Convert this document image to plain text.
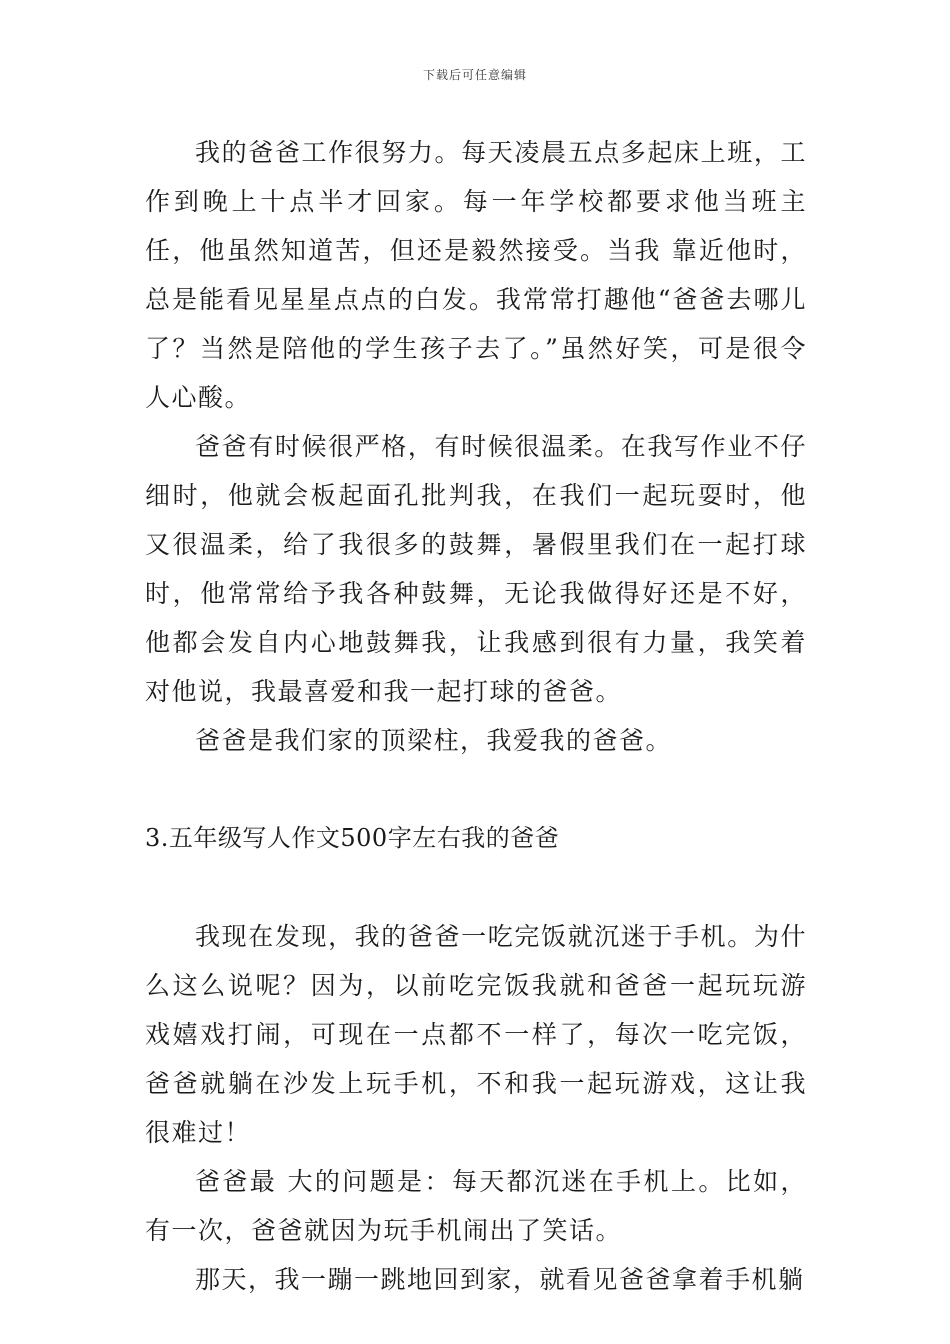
下载后可任意编辑

我的爸爸工作很努力。每天凌晨五点多起床上班，工作到晚上十点半才回家。每一年学校都要求他当班主任，他虽然知道苦，但还是毅然接受。当我 靠近他时，总是能看见星星点点的白发。我常常打趣他“爸爸去哪儿了？当然是陪他的学生孩子去了。”虽然好笑，可是很令人心酸。

爸爸有时候很严格，有时候很温柔。在我写作业不仔细时，他就会板起面孔批判我，在我们一起玩耍时，他又很温柔，给了我很多的鼓舞，暑假里我们在一起打球时，他常常给予我各种鼓舞，无论我做得好还是不好，他都会发自内心地鼓舞我，让我感到很有力量，我笑着对他说，我最喜爱和我一起打球的爸爸。

爸爸是我们家的顶梁柱，我爱我的爸爸。

3.五年级写人作文500字左右我的爸爸

我现在发现，我的爸爸一吃完饭就沉迷于手机。为什么这么说呢？因为，以前吃完饭我就和爸爸一起玩玩游戏嬉戏打闹，可现在一点都不一样了，每次一吃完饭，爸爸就躺在沙发上玩手机，不和我一起玩游戏，这让我很难过！

爸爸最 大的问题是：每天都沉迷在手机上。比如，有一次，爸爸就因为玩手机闹出了笑话。

那天，我一蹦一跳地回到家，就看见爸爸拿着手机躺
